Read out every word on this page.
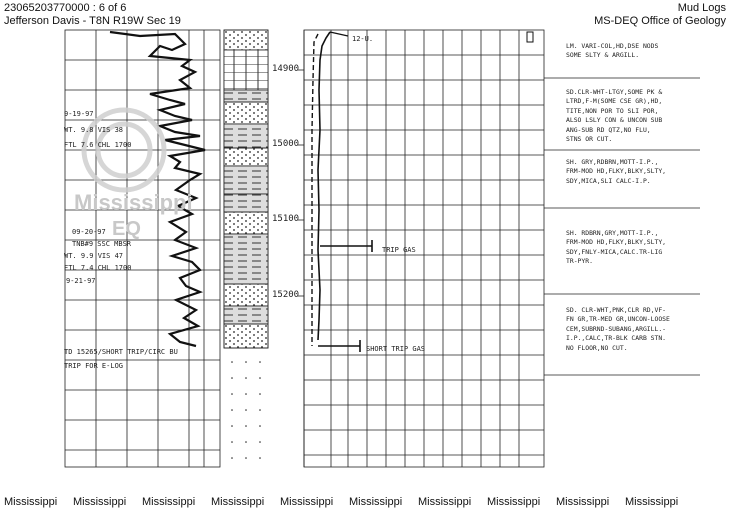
23065203770000 : 6 of 6
Jefferson Davis - T8N R19W Sec 19
Mud Logs
MS-DEQ Office of Geology
Mississippi
EQ
14900
15000
15100
15200
9-19-97
WT. 9.8 VIS 38
FTL 7.6 CHL 1700
09-20-97
TNB#9 SSC MBSR
WT. 9.9 VIS 47
FTL 7.4 CHL 1700
9-21-97
TD 15265/SHORT TRIP/CIRC BU
TRIP FOR E-LOG
12-U.
TRIP GAS
SHORT TRIP GAS
LM. VARI-COL,HD,DSE NODS
SOME SLTY & ARGILL.
SD.CLR-WHT-LTGY,SOME PK &
LTRD,F-M(SOME CSE GR),HD,
TITE,NON POR TO SLI POR,
ALSO LSLY CON & UNCON SUB
ANG-SUB RD QTZ,NO FLU,
STNS OR CUT.
SH. GRY,RDBRN,MOTT-I.P.,
FRM-MOD HD,FLKY,BLKY,SLTY,
SDY,MICA,SLI CALC-I.P.
SH. RDBRN,GRY,MOTT-I.P.,
FRM-MOD HD,FLKY,BLKY,SLTY,
SDY,FNLY-MICA,CALC.TR-LIG
TR-PYR.
SD. CLR-WHT,PNK,CLR RD,VF-
FN GR,TR-MED GR,UNCON-LOOSE
CEM,SUBRND-SUBANG,ARGILL.-
I.P.,CALC,TR-BLK CARB STN.
NO FLOOR,NO CUT.
Mississippi Mississippi Mississippi Mississippi Mississippi Mississippi Mississippi Mississippi Mississippi Mississippi
